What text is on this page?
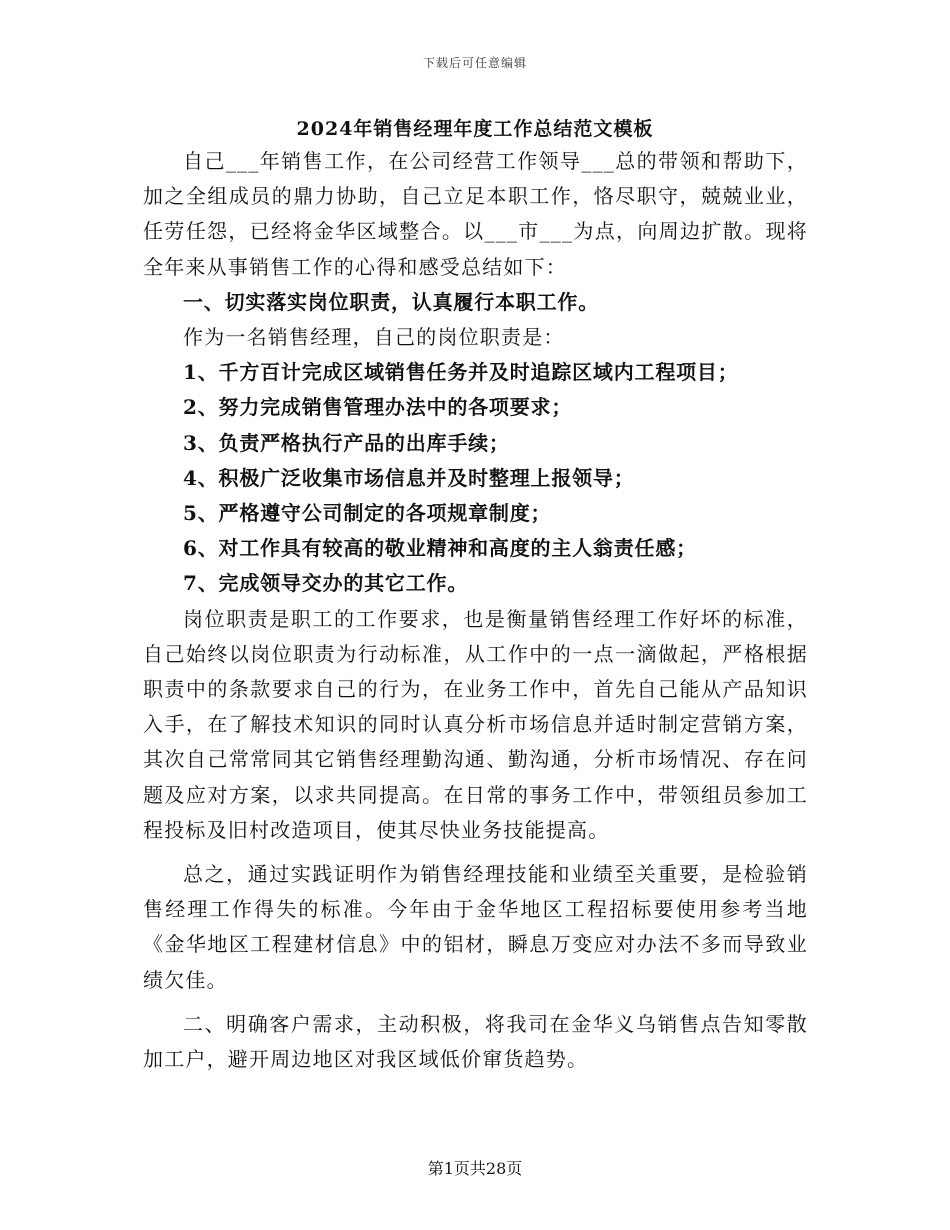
下载后可任意编辑
2024年销售经理年度工作总结范文模板

自己___年销售工作，在公司经营工作领导___总的带领和帮助下，加之全组成员的鼎力协助，自己立足本职工作，恪尽职守，兢兢业业，任劳任怨，已经将金华区域整合。以___市___为点，向周边扩散。现将全年来从事销售工作的心得和感受总结如下：

一、切实落实岗位职责，认真履行本职工作。

作为一名销售经理，自己的岗位职责是：

1、千方百计完成区域销售任务并及时追踪区域内工程项目；

2、努力完成销售管理办法中的各项要求；

3、负责严格执行产品的出库手续；

4、积极广泛收集市场信息并及时整理上报领导；

5、严格遵守公司制定的各项规章制度；

6、对工作具有较高的敬业精神和高度的主人翁责任感；

7、完成领导交办的其它工作。

岗位职责是职工的工作要求，也是衡量销售经理工作好坏的标准，自己始终以岗位职责为行动标准，从工作中的一点一滴做起，严格根据职责中的条款要求自己的行为，在业务工作中，首先自己能从产品知识入手，在了解技术知识的同时认真分析市场信息并适时制定营销方案，其次自己常常同其它销售经理勤沟通、勤沟通，分析市场情况、存在问题及应对方案，以求共同提高。在日常的事务工作中，带领组员参加工程投标及旧村改造项目，使其尽快业务技能提高。

总之，通过实践证明作为销售经理技能和业绩至关重要，是检验销售经理工作得失的标准。今年由于金华地区工程招标要使用参考当地《金华地区工程建材信息》中的铝材，瞬息万变应对办法不多而导致业绩欠佳。

二、明确客户需求，主动积极，将我司在金华义乌销售点告知零散加工户，避开周边地区对我区域低价窜货趋势。

第1页共28页
